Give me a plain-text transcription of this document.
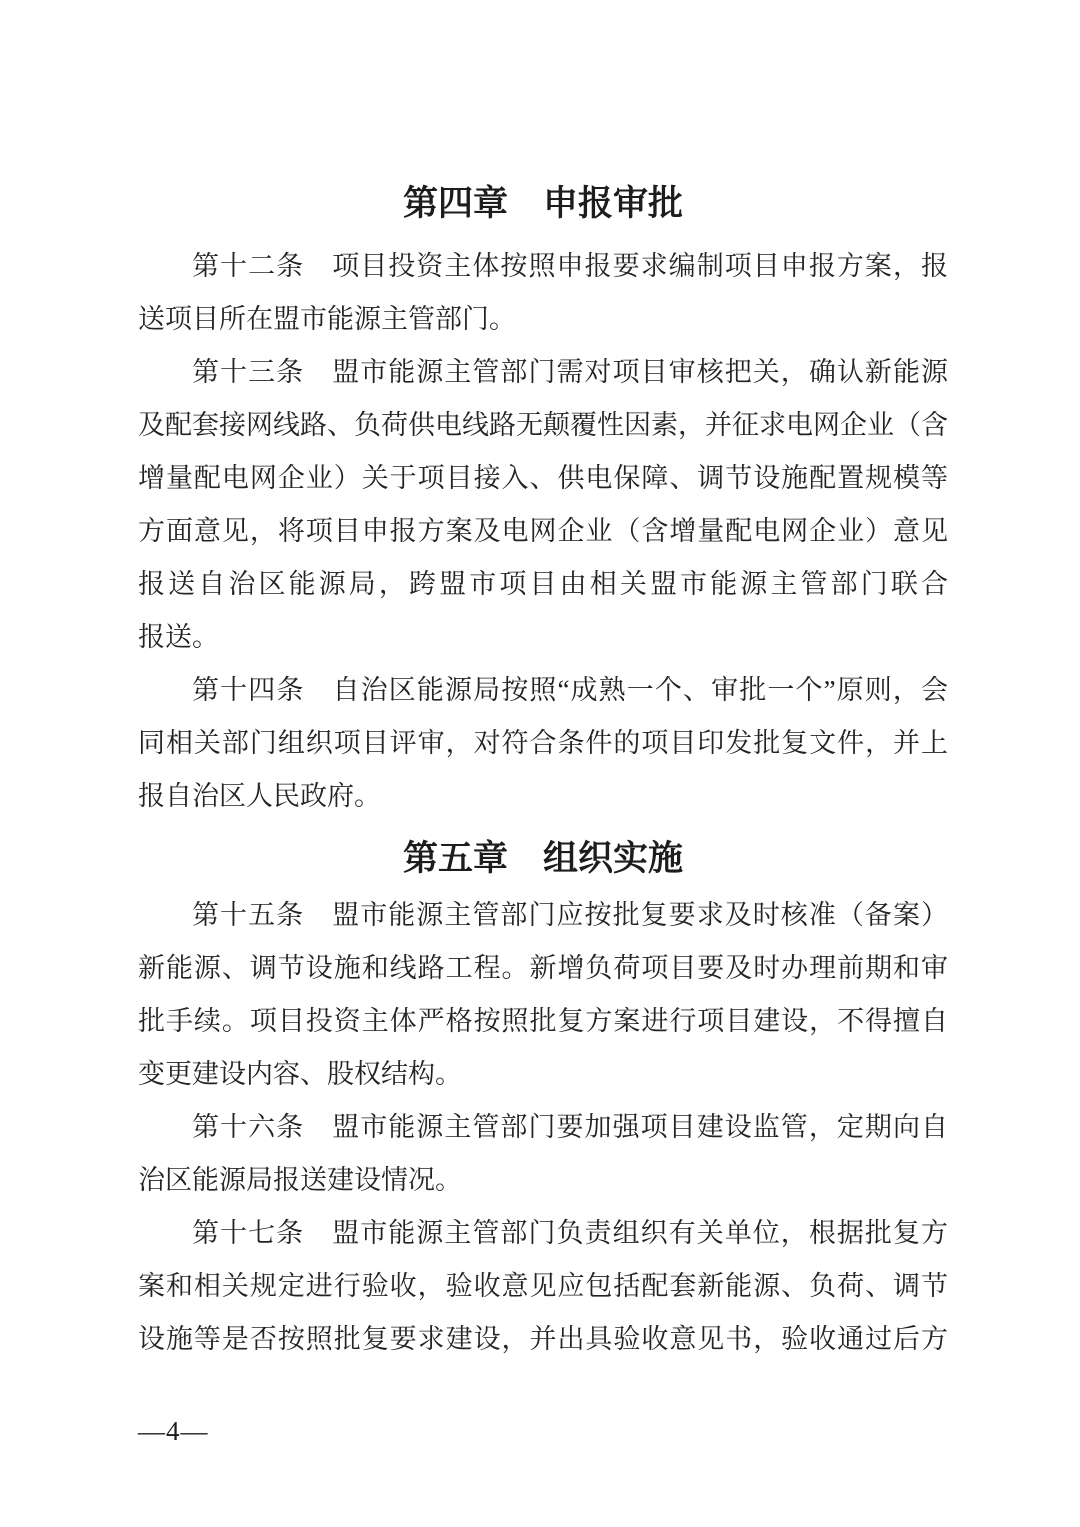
第四章　申报审批
第十二条　项目投资主体按照申报要求编制项目申报方案，报
送项目所在盟市能源主管部门。
第十三条　盟市能源主管部门需对项目审核把关，确认新能源
及配套接网线路、负荷供电线路无颠覆性因素，并征求电网企业（含
增量配电网企业）关于项目接入、供电保障、调节设施配置规模等
方面意见，将项目申报方案及电网企业（含增量配电网企业）意见
报送自治区能源局，跨盟市项目由相关盟市能源主管部门联合
报送。
第十四条　自治区能源局按照“成熟一个、审批一个”原则，会
同相关部门组织项目评审，对符合条件的项目印发批复文件，并上
报自治区人民政府。
第五章　组织实施
第十五条　盟市能源主管部门应按批复要求及时核准（备案）
新能源、调节设施和线路工程。新增负荷项目要及时办理前期和审
批手续。项目投资主体严格按照批复方案进行项目建设，不得擅自
变更建设内容、股权结构。
第十六条　盟市能源主管部门要加强项目建设监管，定期向自
治区能源局报送建设情况。
第十七条　盟市能源主管部门负责组织有关单位，根据批复方
案和相关规定进行验收，验收意见应包括配套新能源、负荷、调节
设施等是否按照批复要求建设，并出具验收意见书，验收通过后方
—4—
